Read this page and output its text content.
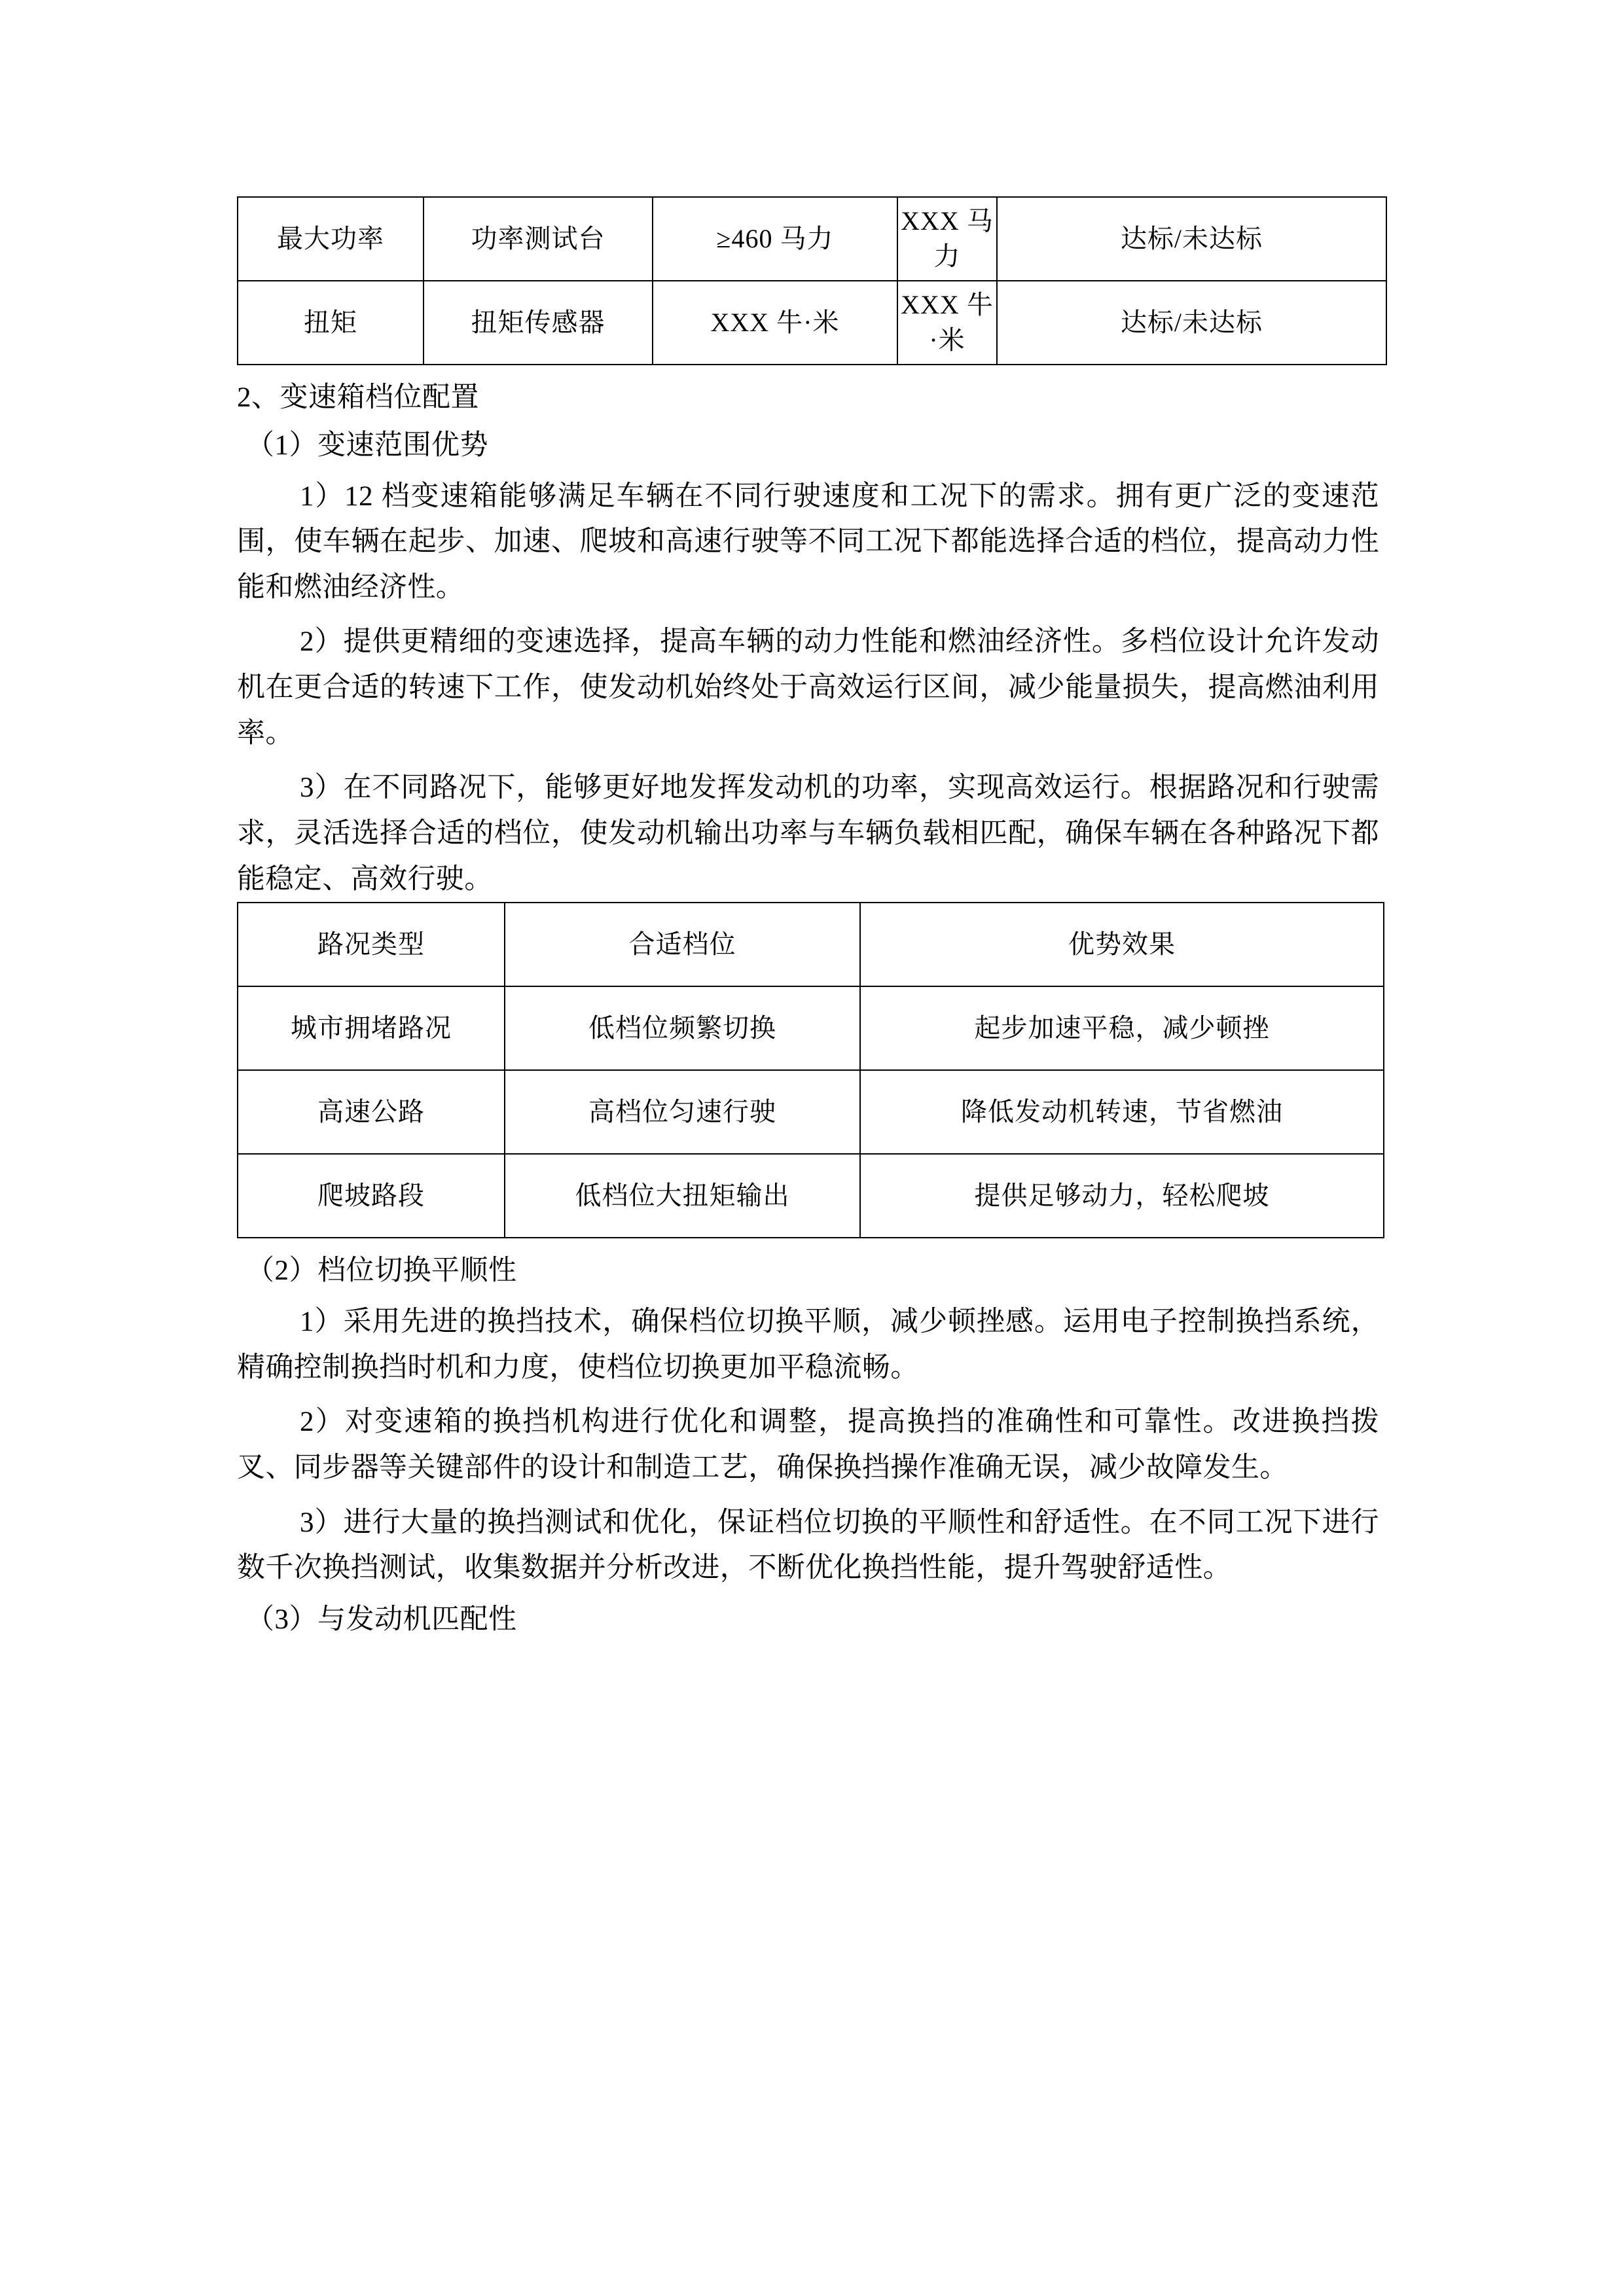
最大功率	功率测试台	≥460 马力	XXX 马力	达标/未达标
扭矩	扭矩传感器	XXX 牛·米	XXX 牛·米	达标/未达标
2、变速箱档位配置
（1）变速范围优势
1）12 档变速箱能够满足车辆在不同行驶速度和工况下的需求。拥有更广泛的变速范围，使车辆在起步、加速、爬坡和高速行驶等不同工况下都能选择合适的档位，提高动力性能和燃油经济性。
2）提供更精细的变速选择，提高车辆的动力性能和燃油经济性。多档位设计允许发动机在更合适的转速下工作，使发动机始终处于高效运行区间，减少能量损失，提高燃油利用率。
3）在不同路况下，能够更好地发挥发动机的功率，实现高效运行。根据路况和行驶需求，灵活选择合适的档位，使发动机输出功率与车辆负载相匹配，确保车辆在各种路况下都能稳定、高效行驶。
路况类型	合适档位	优势效果
城市拥堵路况	低档位频繁切换	起步加速平稳，减少顿挫
高速公路	高档位匀速行驶	降低发动机转速，节省燃油
爬坡路段	低档位大扭矩输出	提供足够动力，轻松爬坡
（2）档位切换平顺性
1）采用先进的换挡技术，确保档位切换平顺，减少顿挫感。运用电子控制换挡系统，精确控制换挡时机和力度，使档位切换更加平稳流畅。
2）对变速箱的换挡机构进行优化和调整，提高换挡的准确性和可靠性。改进换挡拨叉、同步器等关键部件的设计和制造工艺，确保换挡操作准确无误，减少故障发生。
3）进行大量的换挡测试和优化，保证档位切换的平顺性和舒适性。在不同工况下进行数千次换挡测试，收集数据并分析改进，不断优化换挡性能，提升驾驶舒适性。
（3）与发动机匹配性
